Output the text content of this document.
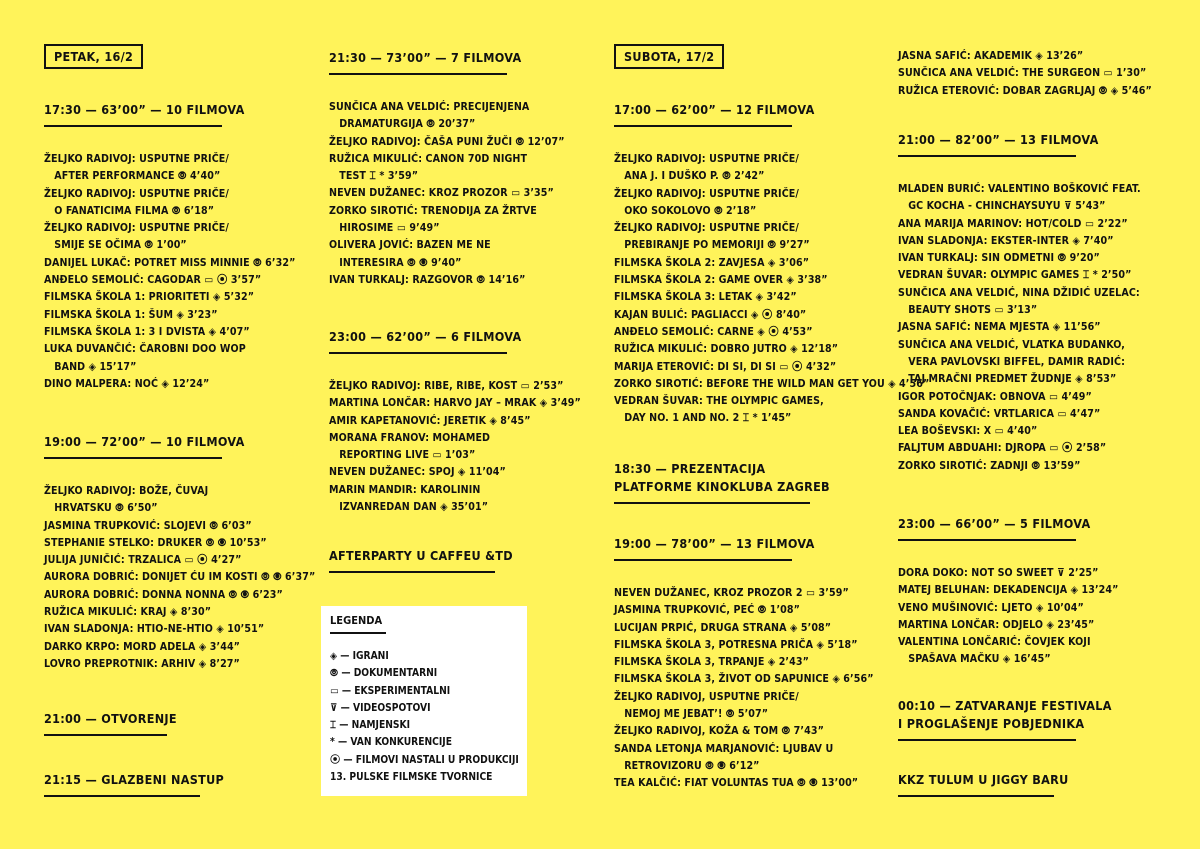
PETAK, 16/2
17:30 — 63’00” — 10 FILMOVA
ŽELJKO RADIVOJ: USPUTNE PRIČE/
AFTER PERFORMANCE ⦾ 4’40”
ŽELJKO RADIVOJ: USPUTNE PRIČE/
O FANATICIMA FILMA ⦾ 6’18”
ŽELJKO RADIVOJ: USPUTNE PRIČE/
SMIJE SE OČIMA ⦾ 1’00”
DANIJEL LUKAČ: POTRET MISS MINNIE ⦾ 6’32”
ANĐELO SEMOLIĆ: CAGODAR ▭ ⦿ 3’57”
FILMSKA ŠKOLA 1: PRIORITETI ◈ 5’32”
FILMSKA ŠKOLA 1: ŠUM ◈ 3’23”
FILMSKA ŠKOLA 1: 3 I DVISTA ◈ 4’07”
LUKA DUVANČIĆ: ČAROBNI DOO WOP
BAND ◈ 15’17”
DINO MALPERA: NOĆ ◈ 12’24”
19:00 — 72’00” — 10 FILMOVA
ŽELJKO RADIVOJ: BOŽE, ČUVAJ
HRVATSKU ⦾ 6’50”
JASMINA TRUPKOVIĆ: SLOJEVI ⦾ 6’03”
STEPHANIE STELKO: DRUKER ⦾ ⦿ 10’53”
JULIJA JUNIČIĆ: TRZALICA ▭ ⦿ 4’27”
AURORA DOBRIĆ: DONIJET ĆU IM KOSTI ⦾ ⦿ 6’37”
AURORA DOBRIĆ: DONNA NONNA ⦾ ⦿ 6’23”
RUŽICA MIKULIĆ: KRAJ ◈ 8’30”
IVAN SLADONJA: HTIO-NE-HTIO ◈ 10’51”
DARKO KRPO: MORD ADELA ◈ 3’44”
LOVRO PREPROTNIK: ARHIV ◈ 8’27”
21:00 — OTVORENJE
21:15 — GLAZBENI NASTUP
21:30 — 73’00” — 7 FILMOVA
SUNČICA ANA VELDIĆ: PRECIJENJENA
DRAMATURGIJA ⦾ 20’37”
ŽELJKO RADIVOJ: ČAŠA PUNI ŽUČI ⦾ 12’07”
RUŽICA MIKULIĆ: CANON 70D NIGHT
TEST ⌶ * 3’59”
NEVEN DUŽANEC: KROZ PROZOR ▭ 3’35”
ZORKO SIROTIĆ: TRENODIJA ZA ŽRTVE
HIROSIME ▭ 9’49”
OLIVERA JOVIĆ: BAZEN ME NE
INTERESIRA ⦾ ⦿ 9’40”
IVAN TURKALJ: RAZGOVOR ⦾ 14’16”
23:00 — 62’00” — 6 FILMOVA
ŽELJKO RADIVOJ: RIBE, RIBE, KOST ▭ 2’53”
MARTINA LONČAR: HARVO JAY – MRAK ◈ 3’49”
AMIR KAPETANOVIĆ: JERETIK ◈ 8’45”
MORANA FRANOV: MOHAMED
REPORTING LIVE ▭ 1’03”
NEVEN DUŽANEC: SPOJ ◈ 11’04”
MARIN MANDIR: KAROLININ
IZVANREDAN DAN ◈ 35’01”
AFTERPARTY U CAFFEU &TD
LEGENDA
◈ — IGRANI
⦾ — DOKUMENTARNI
▭ — EKSPERIMENTALNI
⊽ — VIDEOSPOTOVI
⌶ — NAMJENSKI
* — VAN KONKURENCIJE
⦿ — FILMOVI NASTALI U PRODUKCIJI
13. PULSKE FILMSKE TVORNICE
SUBOTA, 17/2
17:00 — 62’00” — 12 FILMOVA
ŽELJKO RADIVOJ: USPUTNE PRIČE/
ANA J. I DUŠKO P. ⦾ 2’42”
ŽELJKO RADIVOJ: USPUTNE PRIČE/
OKO SOKOLOVO ⦾ 2’18”
ŽELJKO RADIVOJ: USPUTNE PRIČE/
PREBIRANJE PO MEMORIJI ⦾ 9’27”
FILMSKA ŠKOLA 2: ZAVJESA ◈ 3’06”
FILMSKA ŠKOLA 2: GAME OVER ◈ 3’38”
FILMSKA ŠKOLA 3: LETAK ◈ 3’42”
KAJAN BULIĆ: PAGLIACCI ◈ ⦿ 8’40”
ANĐELO SEMOLIĆ: CARNE ◈ ⦿ 4’53”
RUŽICA MIKULIĆ: DOBRO JUTRO ◈ 12’18”
MARIJA ETEROVIĆ: DI SI, DI SI ▭ ⦿ 4’32”
ZORKO SIROTIĆ: BEFORE THE WILD MAN GET YOU ◈ 4’56”
VEDRAN ŠUVAR: THE OLYMPIC GAMES,
DAY NO. 1 AND NO. 2 ⌶ * 1’45”
18:30 — PREZENTACIJA
PLATFORME KINOKLUBA ZAGREB
19:00 — 78’00” — 13 FILMOVA
NEVEN DUŽANEC, KROZ PROZOR 2 ▭ 3’59”
JASMINA TRUPKOVIĆ, PEĆ ⦾ 1’08”
LUCIJAN PRPIĆ, DRUGA STRANA ◈ 5’08”
FILMSKA ŠKOLA 3, POTRESNA PRIČA ◈ 5’18”
FILMSKA ŠKOLA 3, TRPANJE ◈ 2’43”
FILMSKA ŠKOLA 3, ŽIVOT OD SAPUNICE ◈ 6’56”
ŽELJKO RADIVOJ, USPUTNE PRIČE/
NEMOJ ME JEBAT’! ⦾ 5’07”
ŽELJKO RADIVOJ, KOŽA & TOM ⦾ 7’43”
SANDA LETONJA MARJANOVIĆ: LJUBAV U
RETROVIZORU ⦾ ⦿ 6’12”
TEA KALČIĆ: FIAT VOLUNTAS TUA ⦾ ⦿ 13’00”
JASNA SAFIĆ: AKADEMIK ◈ 13’26”
SUNČICA ANA VELDIĆ: THE SURGEON ▭ 1’30”
RUŽICA ETEROVIĆ: DOBAR ZAGRLJAJ ⦾ ◈ 5’46”
21:00 — 82’00” — 13 FILMOVA
MLADEN BURIĆ: VALENTINO BOŠKOVIĆ FEAT.
GC KOCHA - CHINCHAYSUYU ⊽ 5’43”
ANA MARIJA MARINOV: HOT/COLD ▭ 2’22”
IVAN SLADONJA: EKSTER-INTER ◈ 7’40”
IVAN TURKALJ: SIN ODMETNI ⦾ 9’20”
VEDRAN ŠUVAR: OLYMPIC GAMES ⌶ * 2’50”
SUNČICA ANA VELDIĆ, NINA DŽIDIĆ UZELAC:
BEAUTY SHOTS ▭ 3’13”
JASNA SAFIĆ: NEMA MJESTA ◈ 11’56”
SUNČICA ANA VELDIĆ, VLATKA BUDANKO,
VERA PAVLOVSKI BIFFEL, DAMIR RADIĆ:
TAJ MRAČNI PREDMET ŽUDNJE ◈ 8’53”
IGOR POTOČNJAK: OBNOVA ▭ 4’49”
SANDA KOVAČIĆ: VRTLARICA ▭ 4’47”
LEA BOŠEVSKI: X ▭ 4’40”
FALJTUM ABDUAHI: DJROPA ▭ ⦿ 2’58”
ZORKO SIROTIĆ: ZADNJI ⦾ 13’59”
23:00 — 66’00” — 5 FILMOVA
DORA DOKO: NOT SO SWEET ⊽ 2’25”
MATEJ BELUHAN: DEKADENCIJA ◈ 13’24”
VENO MUŠINOVIĆ: LJETO ◈ 10’04”
MARTINA LONČAR: ODJELO ◈ 23’45”
VALENTINA LONČARIĆ: ČOVJEK KOJI
SPAŠAVA MAČKU ◈ 16’45”
00:10 — ZATVARANJE FESTIVALA
I PROGLAŠENJE POBJEDNIKA
KKZ TULUM U JIGGY BARU
